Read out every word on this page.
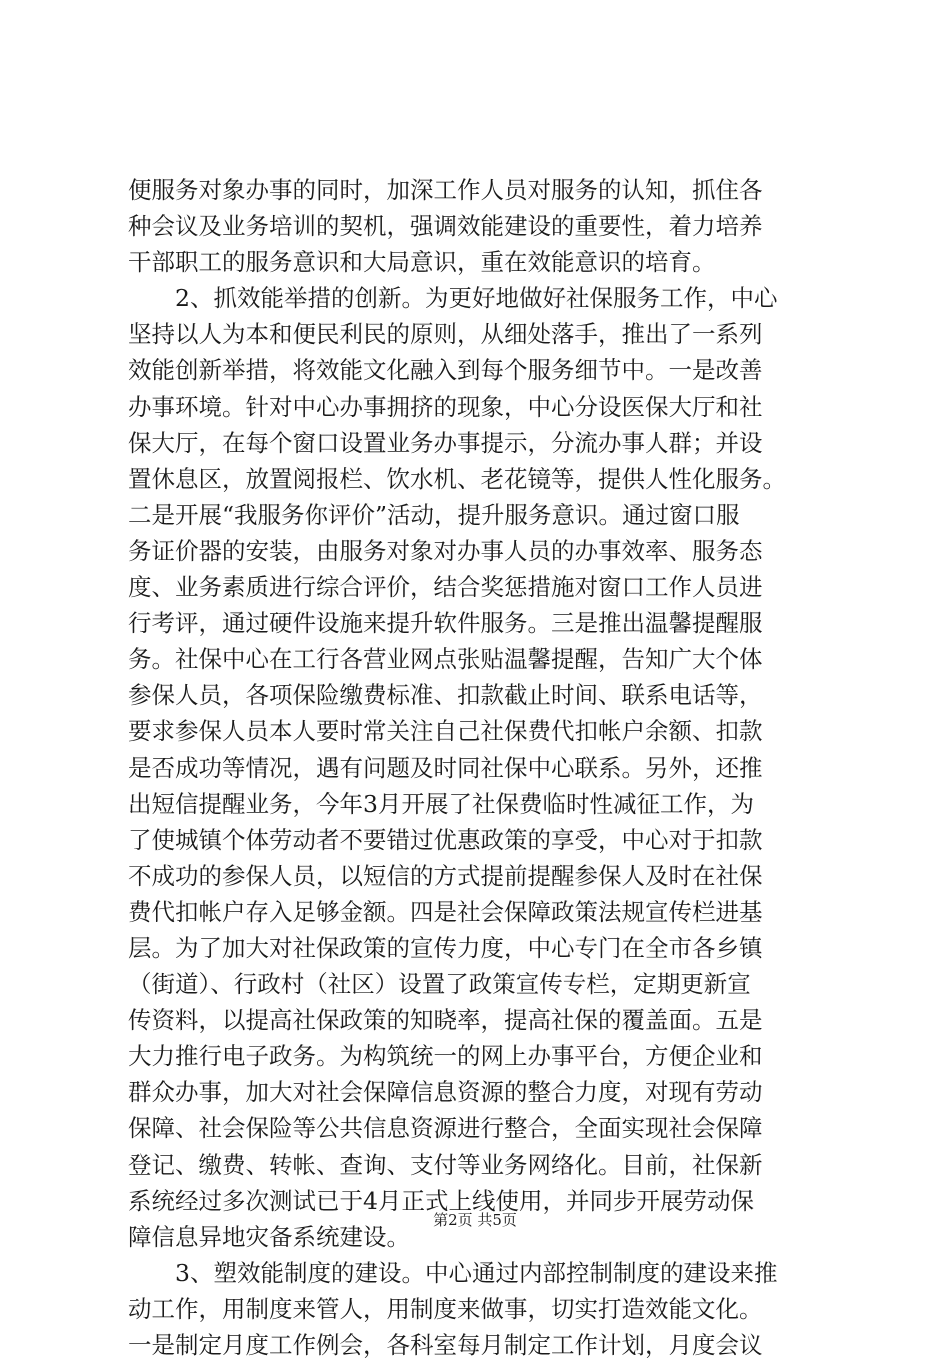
便服务对象办事的同时，加深工作人员对服务的认知，抓住各
种会议及业务培训的契机，强调效能建设的重要性，着力培养
干部职工的服务意识和大局意识，重在效能意识的培育。
2、抓效能举措的创新。为更好地做好社保服务工作，中心
坚持以人为本和便民利民的原则，从细处落手，推出了一系列
效能创新举措，将效能文化融入到每个服务细节中。一是改善
办事环境。针对中心办事拥挤的现象，中心分设医保大厅和社
保大厅，在每个窗口设置业务办事提示，分流办事人群；并设
置休息区，放置阅报栏、饮水机、老花镜等，提供人性化服务。
二是开展“我服务你评价”活动，提升服务意识。通过窗口服
务证价器的安装，由服务对象对办事人员的办事效率、服务态
度、业务素质进行综合评价，结合奖惩措施对窗口工作人员进
行考评，通过硬件设施来提升软件服务。三是推出温馨提醒服
务。社保中心在工行各营业网点张贴温馨提醒，告知广大个体
参保人员，各项保险缴费标准、扣款截止时间、联系电话等，
要求参保人员本人要时常关注自己社保费代扣帐户余额、扣款
是否成功等情况，遇有问题及时同社保中心联系。另外，还推
出短信提醒业务，今年3月开展了社保费临时性减征工作，为
了使城镇个体劳动者不要错过优惠政策的享受，中心对于扣款
不成功的参保人员，以短信的方式提前提醒参保人及时在社保
费代扣帐户存入足够金额。四是社会保障政策法规宣传栏进基
层。为了加大对社保政策的宣传力度，中心专门在全市各乡镇
（街道）、行政村（社区）设置了政策宣传专栏，定期更新宣
传资料，以提高社保政策的知晓率，提高社保的覆盖面。五是
大力推行电子政务。为构筑统一的网上办事平台，方便企业和
群众办事，加大对社会保障信息资源的整合力度，对现有劳动
保障、社会保险等公共信息资源进行整合，全面实现社会保障
登记、缴费、转帐、查询、支付等业务网络化。目前，社保新
系统经过多次测试已于4月正式上线使用，并同步开展劳动保
障信息异地灾备系统建设。
3、塑效能制度的建设。中心通过内部控制制度的建设来推
动工作，用制度来管人，用制度来做事，切实打造效能文化。
一是制定月度工作例会，各科室每月制定工作计划，月度会议
第2页 共5页
